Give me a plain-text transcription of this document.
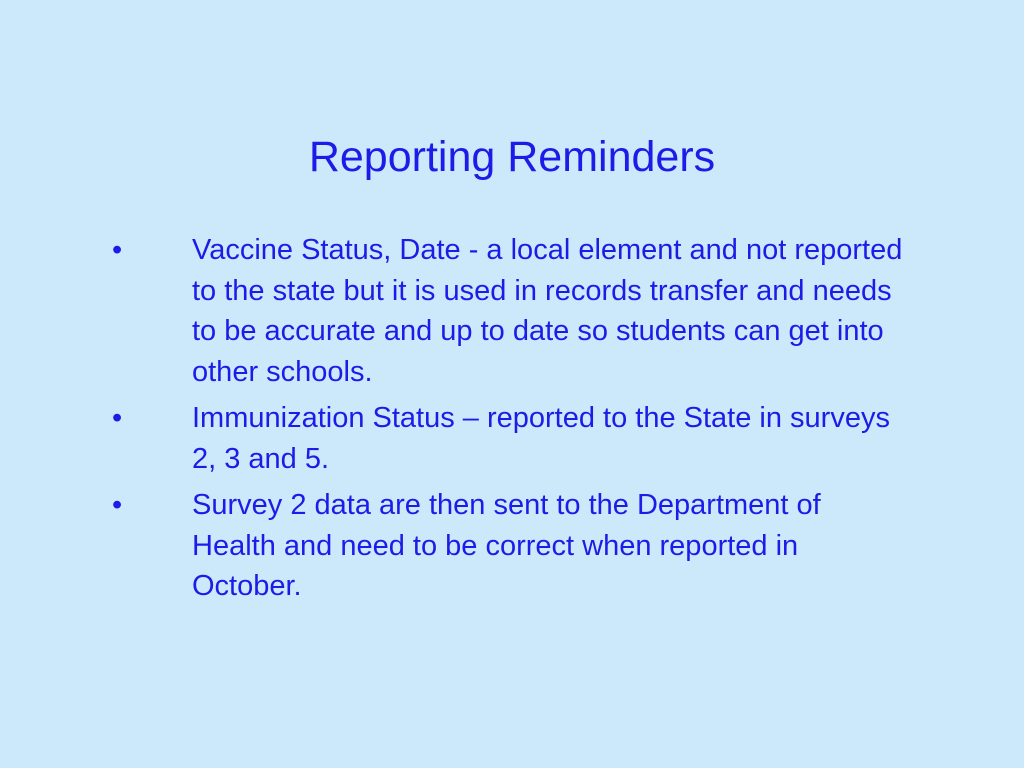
Reporting Reminders
•	Vaccine Status, Date - a local element and not reported to the state but it is used in records transfer and needs to be accurate and up to date so students can get into other schools.
•	Immunization Status – reported to the State in surveys 2, 3 and 5.
•	Survey 2 data are then sent to the Department of Health and need to be correct when reported in October.
